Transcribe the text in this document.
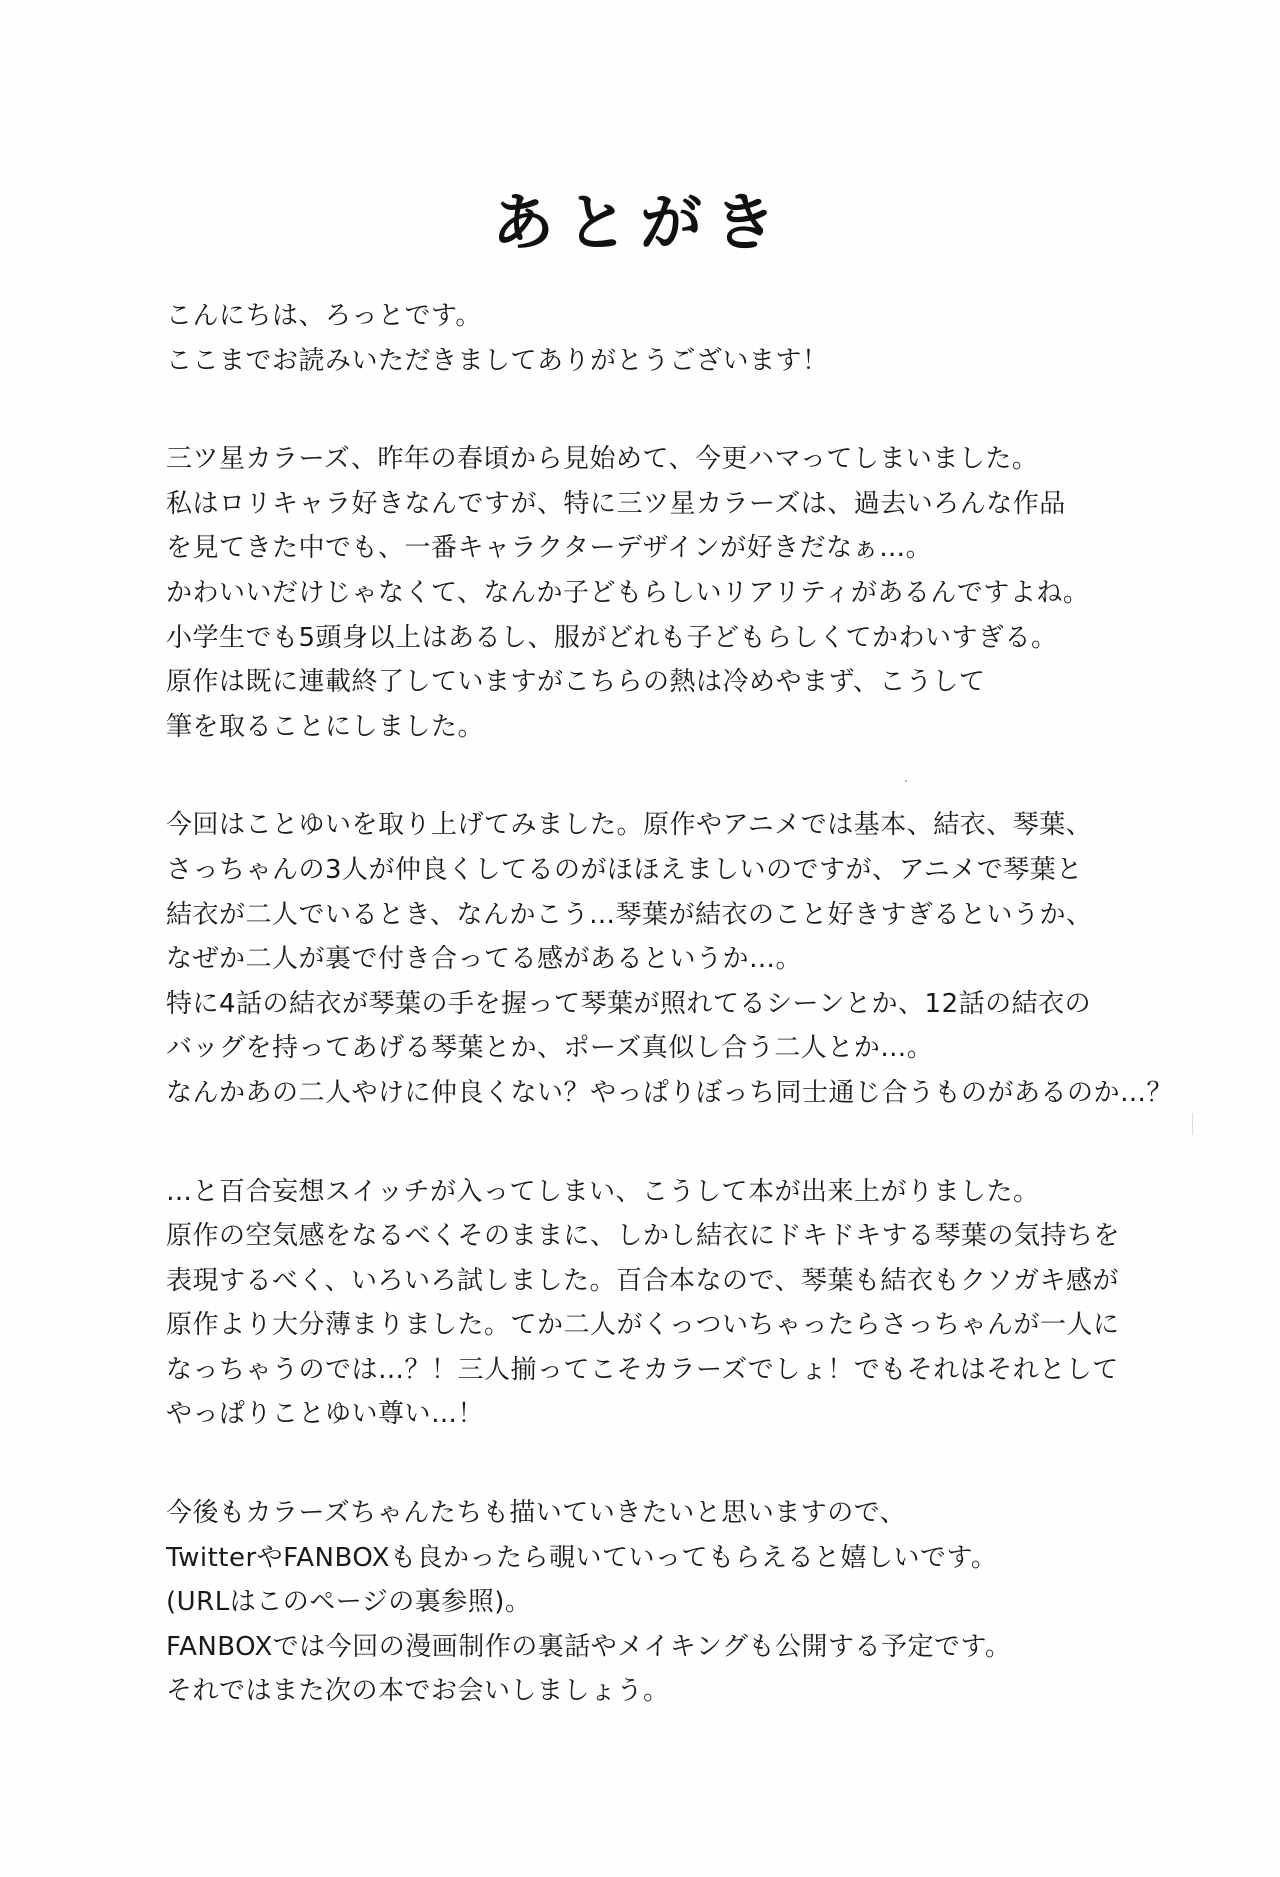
あとがき
こんにちは、ろっとです。
ここまでお読みいただきましてありがとうございます！
三ツ星カラーズ、昨年の春頃から見始めて、今更ハマってしまいました。
私はロリキャラ好きなんですが、特に三ツ星カラーズは、過去いろんな作品
を見てきた中でも、一番キャラクターデザインが好きだなぁ…。
かわいいだけじゃなくて、なんか子どもらしいリアリティがあるんですよね。
小学生でも5頭身以上はあるし、服がどれも子どもらしくてかわいすぎる。
原作は既に連載終了していますがこちらの熱は冷めやまず、こうして
筆を取ることにしました。
今回はことゆいを取り上げてみました。原作やアニメでは基本、結衣、琴葉、
さっちゃんの3人が仲良くしてるのがほほえましいのですが、アニメで琴葉と
結衣が二人でいるとき、なんかこう…琴葉が結衣のこと好きすぎるというか、
なぜか二人が裏で付き合ってる感があるというか…。
特に4話の結衣が琴葉の手を握って琴葉が照れてるシーンとか、12話の結衣の
バッグを持ってあげる琴葉とか、ポーズ真似し合う二人とか…。
なんかあの二人やけに仲良くない？やっぱりぼっち同士通じ合うものがあるのか…？
…と百合妄想スイッチが入ってしまい、こうして本が出来上がりました。
原作の空気感をなるべくそのままに、しかし結衣にドキドキする琴葉の気持ちを
表現するべく、いろいろ試しました。百合本なので、琴葉も結衣もクソガキ感が
原作より大分薄まりました。てか二人がくっついちゃったらさっちゃんが一人に
なっちゃうのでは…？！三人揃ってこそカラーズでしょ！でもそれはそれとして
やっぱりことゆい尊い…！
今後もカラーズちゃんたちも描いていきたいと思いますので、
TwitterやFANBOXも良かったら覗いていってもらえると嬉しいです。
(URLはこのページの裏参照)。
FANBOXでは今回の漫画制作の裏話やメイキングも公開する予定です。
それではまた次の本でお会いしましょう。
